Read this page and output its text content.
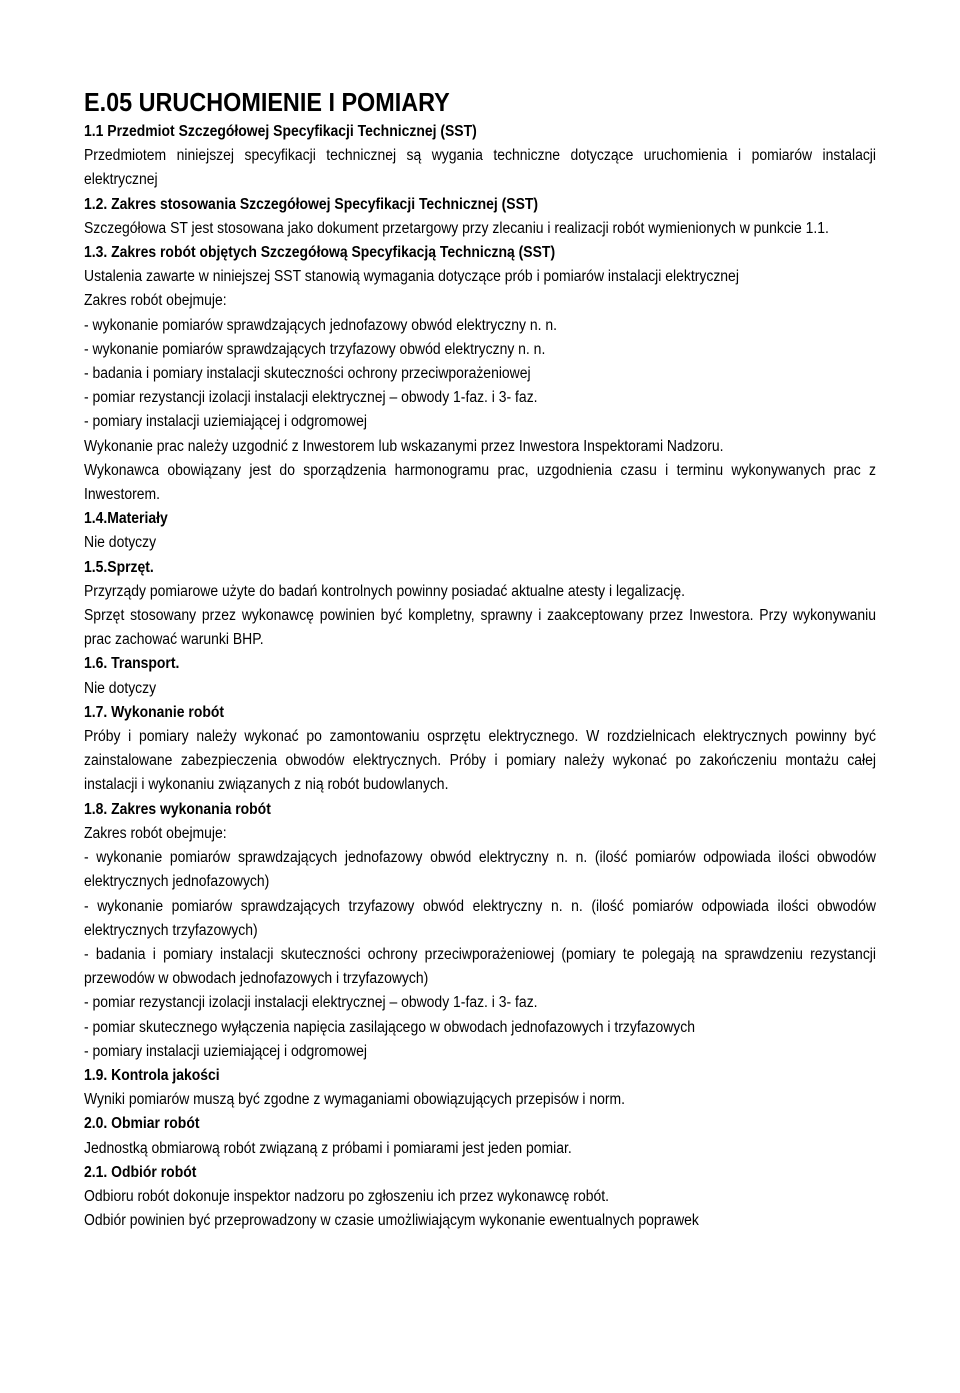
E.05 URUCHOMIENIE I POMIARY
1.1 Przedmiot Szczegółowej Specyfikacji Technicznej (SST)
Przedmiotem niniejszej specyfikacji technicznej są wygania techniczne dotyczące uruchomienia i pomiarów instalacji elektrycznej
1.2. Zakres stosowania Szczegółowej Specyfikacji Technicznej (SST)
Szczegółowa ST jest stosowana jako dokument przetargowy przy zlecaniu i realizacji robót wymienionych w punkcie 1.1.
1.3. Zakres robót objętych Szczegółową Specyfikacją Techniczną (SST)
Ustalenia zawarte w niniejszej SST stanowią wymagania dotyczące prób i pomiarów instalacji elektrycznej
Zakres robót obejmuje:
- wykonanie pomiarów sprawdzających jednofazowy obwód elektryczny n. n.
- wykonanie pomiarów sprawdzających trzyfazowy obwód elektryczny n. n.
- badania i pomiary instalacji skuteczności ochrony przeciwporażeniowej
- pomiar rezystancji izolacji instalacji elektrycznej – obwody 1-faz. i 3- faz.
- pomiary instalacji uziemiającej i odgromowej
Wykonanie prac należy uzgodnić z Inwestorem lub wskazanymi przez Inwestora Inspektorami Nadzoru.
Wykonawca obowiązany jest do sporządzenia harmonogramu prac, uzgodnienia czasu i terminu wykonywanych prac z Inwestorem.
1.4.Materiały
Nie dotyczy
1.5.Sprzęt.
Przyrządy pomiarowe użyte do badań kontrolnych powinny posiadać aktualne atesty i legalizację.
Sprzęt stosowany przez wykonawcę powinien być kompletny, sprawny i zaakceptowany przez Inwestora. Przy wykonywaniu prac zachować warunki BHP.
1.6. Transport.
Nie dotyczy
1.7. Wykonanie robót
Próby i pomiary należy wykonać po zamontowaniu osprzętu elektrycznego. W rozdzielnicach elektrycznych powinny być zainstalowane zabezpieczenia obwodów elektrycznych. Próby i pomiary należy wykonać po zakończeniu montażu całej instalacji i wykonaniu związanych z nią robót budowlanych.
1.8. Zakres wykonania robót
Zakres robót obejmuje:
- wykonanie pomiarów sprawdzających jednofazowy obwód elektryczny n. n. (ilość pomiarów odpowiada ilości obwodów elektrycznych jednofazowych)
- wykonanie pomiarów sprawdzających trzyfazowy obwód elektryczny n. n. (ilość pomiarów odpowiada ilości obwodów elektrycznych trzyfazowych)
- badania i pomiary instalacji skuteczności ochrony przeciwporażeniowej (pomiary te polegają na sprawdzeniu rezystancji przewodów w obwodach jednofazowych i trzyfazowych)
- pomiar rezystancji izolacji instalacji elektrycznej – obwody 1-faz. i 3- faz.
- pomiar skutecznego wyłączenia napięcia zasilającego w obwodach jednofazowych i trzyfazowych
- pomiary instalacji uziemiającej i odgromowej
1.9. Kontrola jakości
Wyniki pomiarów muszą być zgodne z wymaganiami obowiązujących przepisów i norm.
2.0. Obmiar robót
Jednostką obmiarową robót związaną z próbami i pomiarami jest jeden pomiar.
2.1. Odbiór robót
Odbioru robót dokonuje inspektor nadzoru po zgłoszeniu ich przez wykonawcę robót.
Odbiór powinien być przeprowadzony w czasie umożliwiającym wykonanie ewentualnych poprawek
